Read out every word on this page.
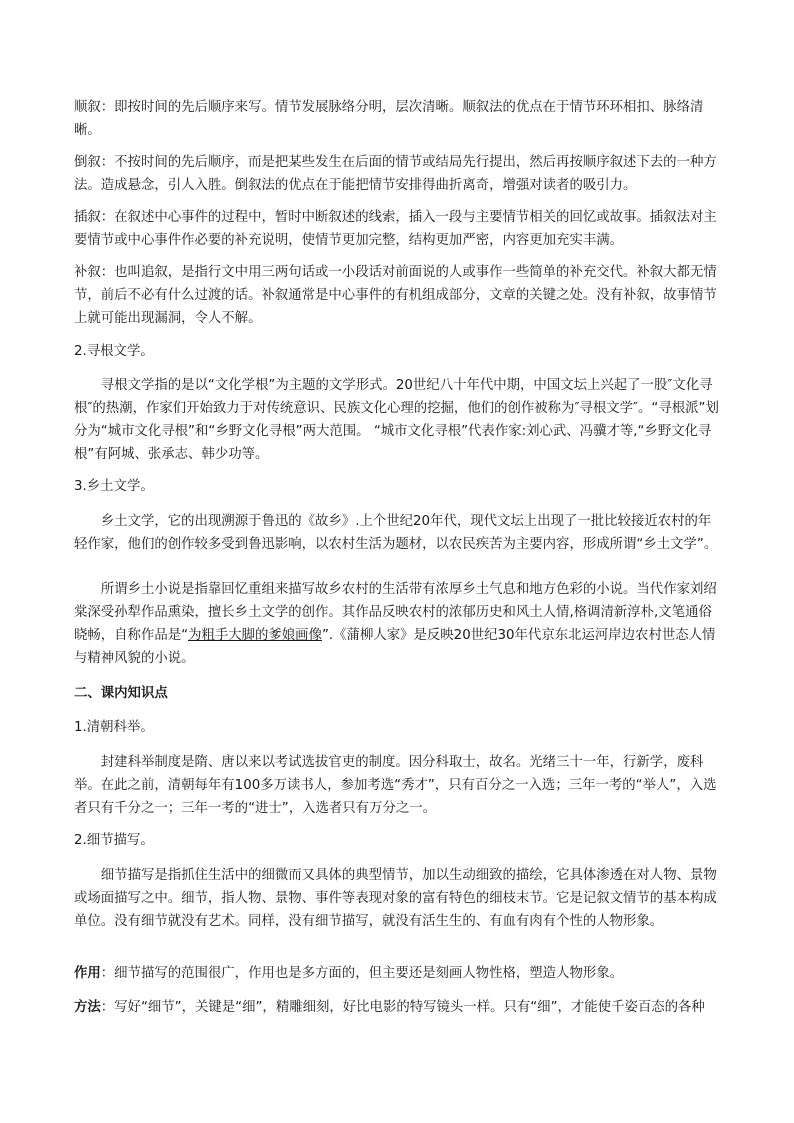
顺叙：即按时间的先后顺序来写。情节发展脉络分明，层次清晰。顺叙法的优点在于情节环环相扣、脉络清晰。

倒叙：不按时间的先后顺序，而是把某些发生在后面的情节或结局先行提出，然后再按顺序叙述下去的一种方法。造成悬念，引人入胜。倒叙法的优点在于能把情节安排得曲折离奇，增强对读者的吸引力。

插叙：在叙述中心事件的过程中，暂时中断叙述的线索，插入一段与主要情节相关的回忆或故事。插叙法对主要情节或中心事件作必要的补充说明，使情节更加完整，结构更加严密，内容更加充实丰满。

补叙：也叫追叙，是指行文中用三两句话或一小段话对前面说的人或事作一些简单的补充交代。补叙大都无情节，前后不必有什么过渡的话。补叙通常是中心事件的有机组成部分，文章的关键之处。没有补叙，故事情节上就可能出现漏洞，令人不解。

2.寻根文学。

寻根文学指的是以“文化学根”为主题的文学形式。20世纪八十年代中期，中国文坛上兴起了一股″文化寻根″的热潮，作家们开始致力于对传统意识、民族文化心理的挖掘，他们的创作被称为″寻根文学″。“寻根派”划分为“城市文化寻根”和“乡野文化寻根”两大范围。 “城市文化寻根”代表作家:刘心武、冯骥才等,“乡野文化寻根”有阿城、张承志、韩少功等。

3.乡土文学。

乡土文学，它的出现溯源于鲁迅的《故乡》.上个世纪20年代，现代文坛上出现了一批比较接近农村的年轻作家，他们的创作较多受到鲁迅影响，以农村生活为题材，以农民疾苦为主要内容，形成所谓“乡土文学”。

所谓乡土小说是指靠回忆重组来描写故乡农村的生活带有浓厚乡土气息和地方色彩的小说。当代作家刘绍棠深受孙犁作品熏染，擅长乡土文学的创作。其作品反映农村的浓郁历史和风土人情,格调清新淳朴,文笔通俗晓畅，自称作品是“为粗手大脚的爹娘画像”.《蒲柳人家》是反映20世纪30年代京东北运河岸边农村世态人情与精神风貌的小说。

二、课内知识点

1.清朝科举。

封建科举制度是隋、唐以来以考试选拔官吏的制度。因分科取士，故名。光绪三十一年，行新学，废科举。在此之前，清朝每年有100多万读书人，参加考选“秀才”，只有百分之一入选；三年一考的“举人”，入选者只有千分之一；三年一考的“进士”，入选者只有万分之一。

2.细节描写。

细节描写是指抓住生活中的细微而又具体的典型情节，加以生动细致的描绘，它具体渗透在对人物、景物或场面描写之中。细节，指人物、景物、事件等表现对象的富有特色的细枝末节。它是记叙文情节的基本构成单位。没有细节就没有艺术。同样，没有细节描写，就没有活生生的、有血有肉有个性的人物形象。

作用：细节描写的范围很广，作用也是多方面的，但主要还是刻画人物性格，塑造人物形象。

方法：写好“细节”，关键是“细”，精雕细刻，好比电影的特写镜头一样。只有“细”，才能使千姿百态的各种
